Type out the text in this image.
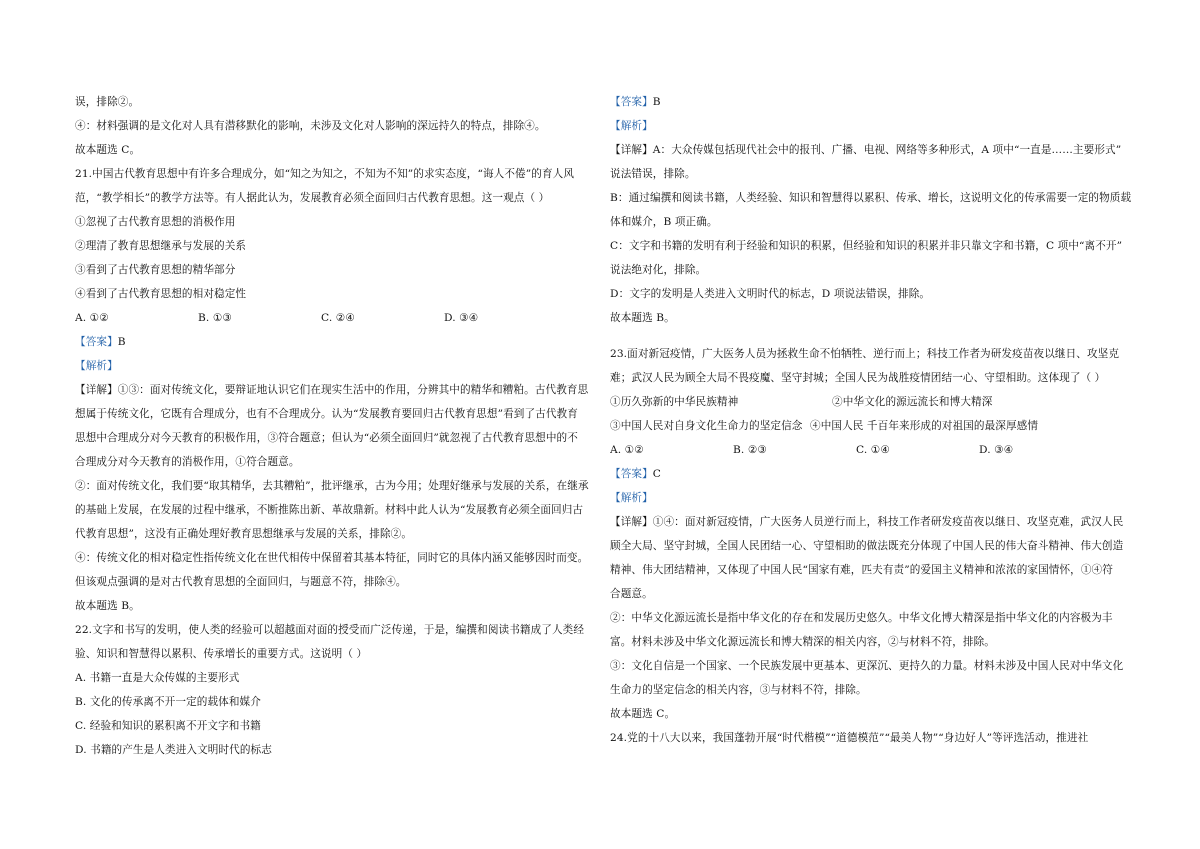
误，排除②。
④：材料强调的是文化对人具有潜移默化的影响，未涉及文化对人影响的深远持久的特点，排除④。
故本题选 C。
21.中国古代教育思想中有许多合理成分，如“知之为知之，不知为不知”的求实态度，“诲人不倦”的育人风
范，“教学相长”的教学方法等。有人据此认为，发展教育必须全面回归古代教育思想。这一观点（ ）
①忽视了古代教育思想的消极作用
②理清了教育思想继承与发展的关系
③看到了古代教育思想的精华部分
④看到了古代教育思想的相对稳定性
A. ①②	B. ①③	C. ②④	D. ③④
【答案】B
【解析】
【详解】①③：面对传统文化，要辩证地认识它们在现实生活中的作用，分辨其中的精华和糟粕。古代教育思
想属于传统文化，它既有合理成分，也有不合理成分。认为“发展教育要回归古代教育思想”看到了古代教育
思想中合理成分对今天教育的积极作用，③符合题意；但认为“必须全面回归”就忽视了古代教育思想中的不
合理成分对今天教育的消极作用，①符合题意。
②：面对传统文化，我们要“取其精华，去其糟粕”，批评继承，古为今用；处理好继承与发展的关系，在继承
的基础上发展，在发展的过程中继承，不断推陈出新、革故鼎新。材料中此人认为“发展教育必须全面回归古
代教育思想”，这没有正确处理好教育思想继承与发展的关系，排除②。
④：传统文化的相对稳定性指传统文化在世代相传中保留着其基本特征，同时它的具体内涵又能够因时而变。
但该观点强调的是对古代教育思想的全面回归，与题意不符，排除④。
故本题选 B。
22.文字和书写的发明，使人类的经验可以超越面对面的授受而广泛传递，于是，编撰和阅读书籍成了人类经
验、知识和智慧得以累积、传承增长的重要方式。这说明（ ）
A. 书籍一直是大众传媒的主要形式
B. 文化的传承离不开一定的载体和媒介
C. 经验和知识的累积离不开文字和书籍
D. 书籍的产生是人类进入文明时代的标志
【答案】B
【解析】
【详解】A：大众传媒包括现代社会中的报刊、广播、电视、网络等多种形式，A 项中“一直是……主要形式”
说法错误，排除。
B：通过编撰和阅读书籍，人类经验、知识和智慧得以累积、传承、增长，这说明文化的传承需要一定的物质载
体和媒介，B 项正确。
C：文字和书籍的发明有利于经验和知识的积累，但经验和知识的积累并非只靠文字和书籍，C 项中“离不开”
说法绝对化，排除。
D：文字的发明是人类进入文明时代的标志，D 项说法错误，排除。
故本题选 B。
23.面对新冠疫情，广大医务人员为拯救生命不怕牺牲、逆行而上；科技工作者为研发疫苗夜以继日、攻坚克
难；武汉人民为顾全大局不畏疫魔、坚守封城；全国人民为战胜疫情团结一心、守望相助。这体现了（ ）
①历久弥新的中华民族精神	②中华文化的源远流长和博大精深
③中国人民对自身文化生命力的坚定信念 ④中国人民 千百年来形成的对祖国的最深厚感情
A. ①②	B. ②③	C. ①④	D. ③④
【答案】C
【解析】
【详解】①④：面对新冠疫情，广大医务人员逆行而上，科技工作者研发疫苗夜以继日、攻坚克难，武汉人民
顾全大局、坚守封城，全国人民团结一心、守望相助的做法既充分体现了中国人民的伟大奋斗精神、伟大创造
精神、伟大团结精神，又体现了中国人民“国家有难，匹夫有责”的爱国主义精神和浓浓的家国情怀，①④符
合题意。
②：中华文化源远流长是指中华文化的存在和发展历史悠久。中华文化博大精深是指中华文化的内容极为丰
富。材料未涉及中华文化源远流长和博大精深的相关内容，②与材料不符，排除。
③：文化自信是一个国家、一个民族发展中更基本、更深沉、更持久的力量。材料未涉及中国人民对中华文化
生命力的坚定信念的相关内容，③与材料不符，排除。
故本题选 C。
24.党的十八大以来，我国蓬勃开展“时代楷模”“道德模范”“最美人物”“身边好人”等评选活动，推进社
